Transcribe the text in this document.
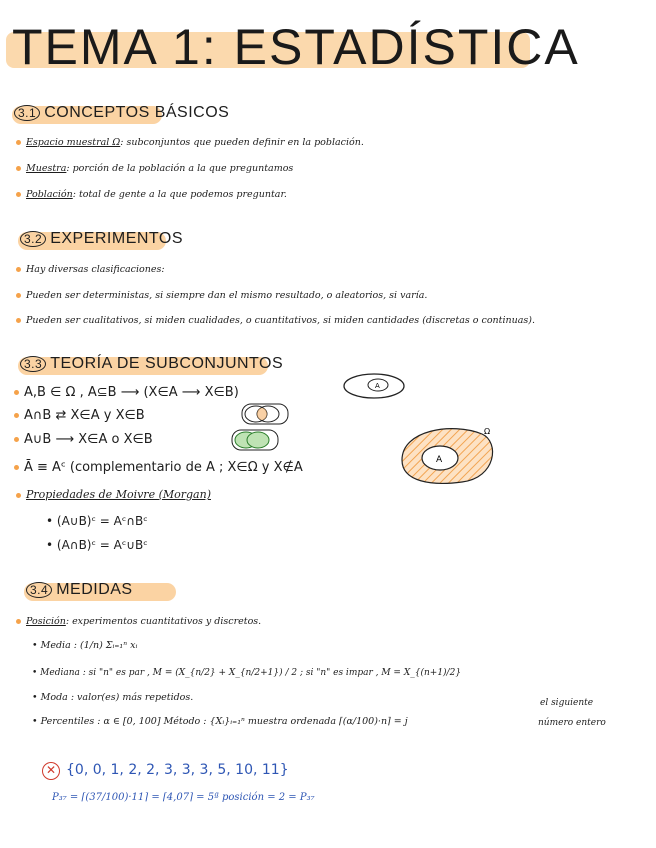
TEMA 1: ESTADÍSTICA
3.1 CONCEPTOS BÁSICOS
Espacio muestral Ω: subconjuntos que pueden definir en la población.
Muestra: porción de la población a la que preguntamos
Población: total de gente a la que podemos preguntar.
3.2 EXPERIMENTOS
Hay diversas clasificaciones:
Pueden ser deterministas, si siempre dan el mismo resultado, o aleatorios, si varía.
Pueden ser cualitativos, si miden cualidades, o cuantitativos, si miden cantidades (discretas o continuas).
3.3 TEORÍA DE SUBCONJUNTOS
A,B ∈ Ω , A⊆B ⟶ (X∈A ⟶ X∈B)
A∩B ⇄ X∈A y X∈B
A∪B ⟶ X∈A o X∈B
Ā ≡ Aᶜ (complementario de A ; X∈Ω y X∉A
Propiedades de Moivre (Morgan)
• (A∪B)ᶜ = Aᶜ∩Bᶜ
• (A∩B)ᶜ = Aᶜ∪Bᶜ
A
A
Ω
3.4 MEDIDAS
Posición: experimentos cuantitativos y discretos.
• Media : (1/n) Σᵢ₌₁ⁿ xᵢ
• Mediana : si "n" es par , M = (X_{n/2} + X_{n/2+1}) / 2 ; si "n" es impar , M = X_{(n+1)/2}
• Moda : valor(es) más repetidos.
• Percentiles : α ∈ [0, 100] Método : {Xᵢ}ᵢ₌₁ⁿ muestra ordenada ⌈(α/100)·n⌉ = j
el siguiente
número entero
✕ {0, 0, 1, 2, 2, 3, 3, 3, 5, 10, 11}
P₃₇ = ⌈(37/100)·11⌉ = ⌈4,07⌉ = 5ª posición = 2 = P₃₇
